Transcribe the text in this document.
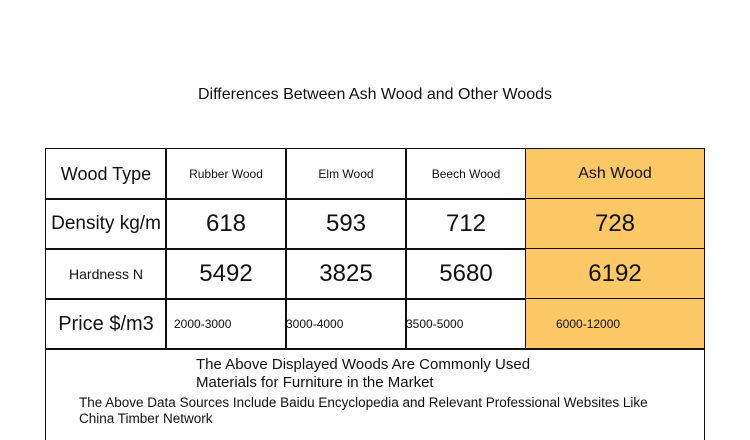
Differences Between Ash Wood and Other Woods
Wood Type	Rubber Wood	Elm Wood	Beech Wood	Ash Wood
Density kg/m	618	593	712	728
Hardness N	5492	3825	5680	6192
Price $/m3	2000-3000	3000-4000	3500-5000	6000-12000
The Above Displayed Woods Are Commonly Used Materials for Furniture in the Market
The Above Data Sources Include Baidu Encyclopedia and Relevant Professional Websites Like China Timber Network
